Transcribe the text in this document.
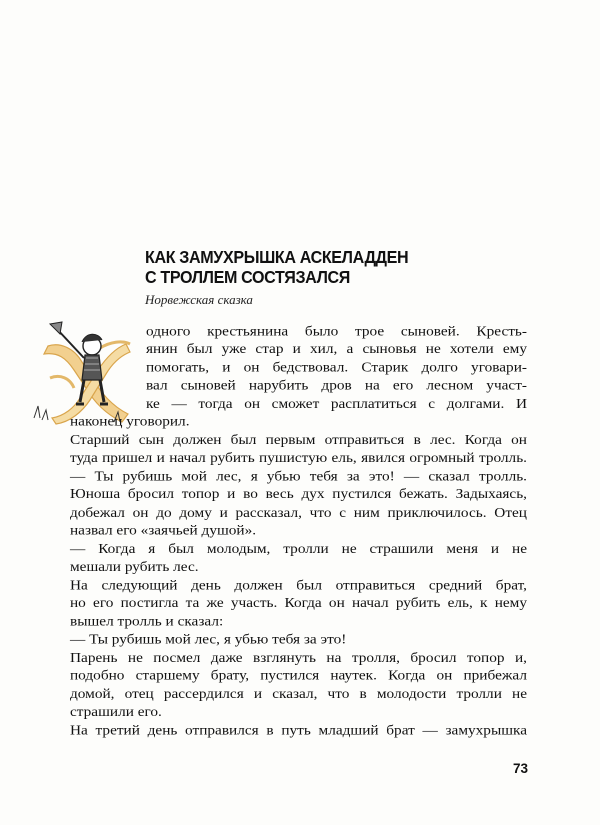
КАК ЗАМУХРЫШКА АСКЕЛАДДЕН
С ТРОЛЛЕМ СОСТЯЗАЛСЯ
Норвежская сказка
одного крестьянина было трое сыновей. Кресть-
янин был уже стар и хил, а сыновья не хотели ему
помогать, и он бедствовал. Старик долго уговари-
вал сыновей нарубить дров на его лесном участ-
ке — тогда он сможет расплатиться с долгами. И
наконец уговорил.
Старший сын должен был первым отправиться в лес. Когда он
туда пришел и начал рубить пушистую ель, явился огромный тролль.
— Ты рубишь мой лес, я убью тебя за это! — сказал тролль.
Юноша бросил топор и во весь дух пустился бежать. Задыхаясь,
добежал он до дому и рассказал, что с ним приключилось. Отец
назвал его «заячьей душой».
— Когда я был молодым, тролли не страшили меня и не
мешали рубить лес.
На следующий день должен был отправиться средний брат,
но его постигла та же участь. Когда он начал рубить ель, к нему
вышел тролль и сказал:
— Ты рубишь мой лес, я убью тебя за это!
Парень не посмел даже взглянуть на тролля, бросил топор и,
подобно старшему брату, пустился наутек. Когда он прибежал
домой, отец рассердился и сказал, что в молодости тролли не
страшили его.
На третий день отправился в путь младший брат — замухрышка
73
